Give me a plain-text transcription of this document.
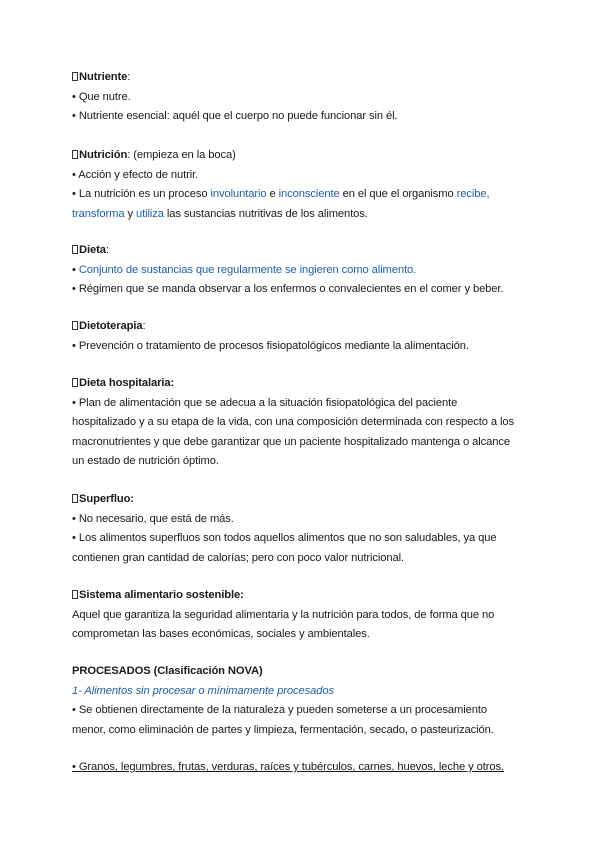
Nutriente:
• Que nutre.
• Nutriente esencial: aquél que el cuerpo no puede funcionar sin él.
Nutrición: (empieza en la boca)
• Acción y efecto de nutrir.
• La nutrición es un proceso involuntario e inconsciente en el que el organismo recibe,
transforma y utiliza las sustancias nutritivas de los alimentos.
Dieta:
• Conjunto de sustancias que regularmente se ingieren como alimento.
• Régimen que se manda observar a los enfermos o convalecientes en el comer y beber.
Dietoterapia:
• Prevención o tratamiento de procesos fisiopatológicos mediante la alimentación.
Dieta hospitalaria:
• Plan de alimentación que se adecua a la situación fisiopatológica del paciente
hospitalizado y a su etapa de la vida, con una composición determinada con respecto a los
macronutrientes y que debe garantizar que un paciente hospitalizado mantenga o alcance
un estado de nutrición óptimo.
Superfluo:
• No necesario, que está de más.
• Los alimentos superfluos son todos aquellos alimentos que no son saludables, ya que
contienen gran cantidad de calorías; pero con poco valor nutricional.
Sistema alimentario sostenible:
Aquel que garantiza la seguridad alimentaria y la nutrición para todos, de forma que no
comprometan las bases económicas, sociales y ambientales.
PROCESADOS (Clasificación NOVA)
1- Alimentos sin procesar o mínimamente procesados
• Se obtienen directamente de la naturaleza y pueden someterse a un procesamiento
menor, como eliminación de partes y limpieza, fermentación, secado, o pasteurización.
• Granos, legumbres, frutas, verduras, raíces y tubérculos, carnes, huevos, leche y otros.
